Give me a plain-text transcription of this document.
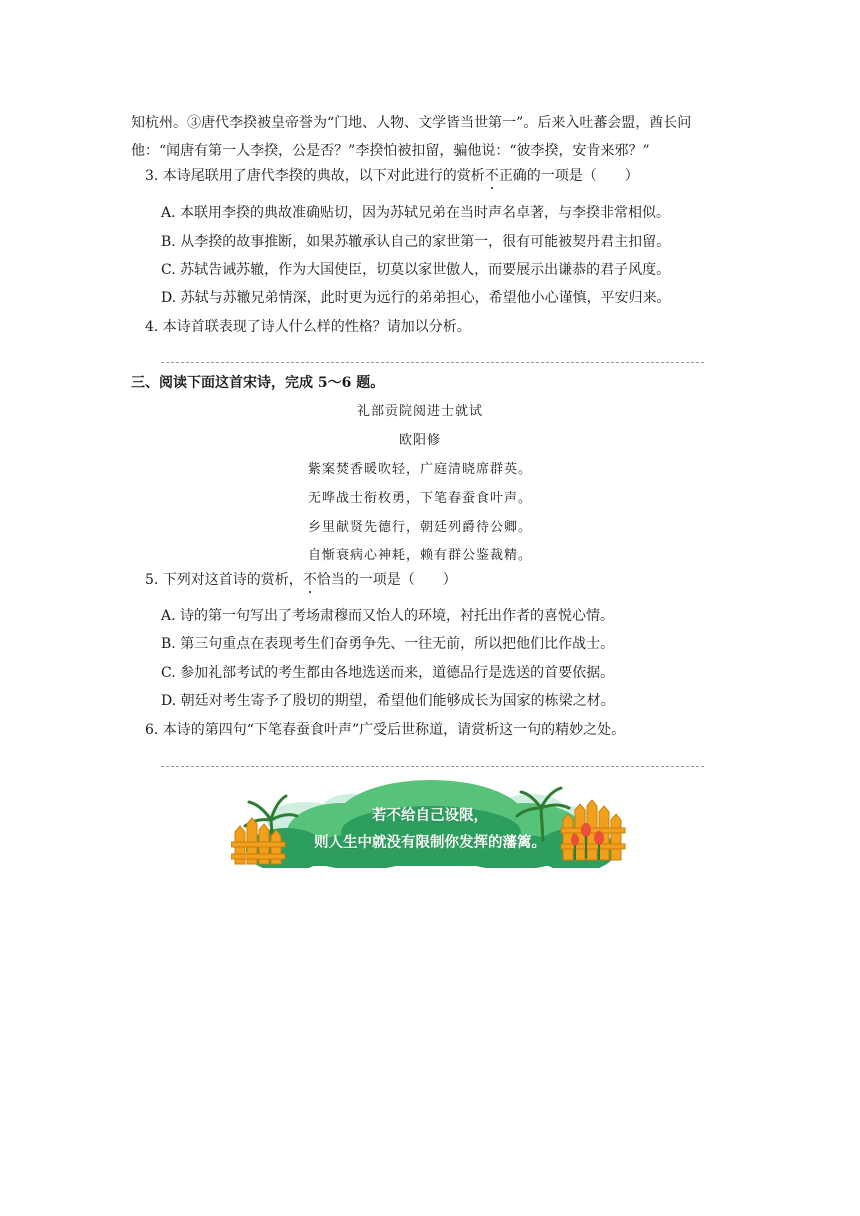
知杭州。③唐代李揆被皇帝誉为“门地、人物、文学皆当世第一”。后来入吐蕃会盟，酋长问
他：“闻唐有第一人李揆，公是否？”李揆怕被扣留，骗他说：“彼李揆，安肯来邪？”
3. 本诗尾联用了唐代李揆的典故，以下对此进行的赏析不正确的一项是（　　）
A. 本联用李揆的典故准确贴切，因为苏轼兄弟在当时声名卓著，与李揆非常相似。
B. 从李揆的故事推断，如果苏辙承认自己的家世第一，很有可能被契丹君主扣留。
C. 苏轼告诫苏辙，作为大国使臣，切莫以家世傲人，而要展示出谦恭的君子风度。
D. 苏轼与苏辙兄弟情深，此时更为远行的弟弟担心，希望他小心谨慎，平安归来。
4. 本诗首联表现了诗人什么样的性格？请加以分析。
三、阅读下面这首宋诗，完成 5～6 题。
礼部贡院阅进士就试
欧阳修
紫案焚香暖吹轻，广庭清晓席群英。
无哗战士衔枚勇，下笔春蚕食叶声。
乡里献贤先德行，朝廷列爵待公卿。
自惭衰病心神耗，赖有群公鉴裁精。
5. 下列对这首诗的赏析，不恰当的一项是（　　）
A. 诗的第一句写出了考场肃穆而又怡人的环境，衬托出作者的喜悦心情。
B. 第三句重点在表现考生们奋勇争先、一往无前，所以把他们比作战士。
C. 参加礼部考试的考生都由各地选送而来，道德品行是选送的首要依据。
D. 朝廷对考生寄予了殷切的期望，希望他们能够成长为国家的栋梁之材。
6. 本诗的第四句“下笔春蚕食叶声”广受后世称道，请赏析这一句的精妙之处。
若不给自己设限，
则人生中就没有限制你发挥的藩篱。
